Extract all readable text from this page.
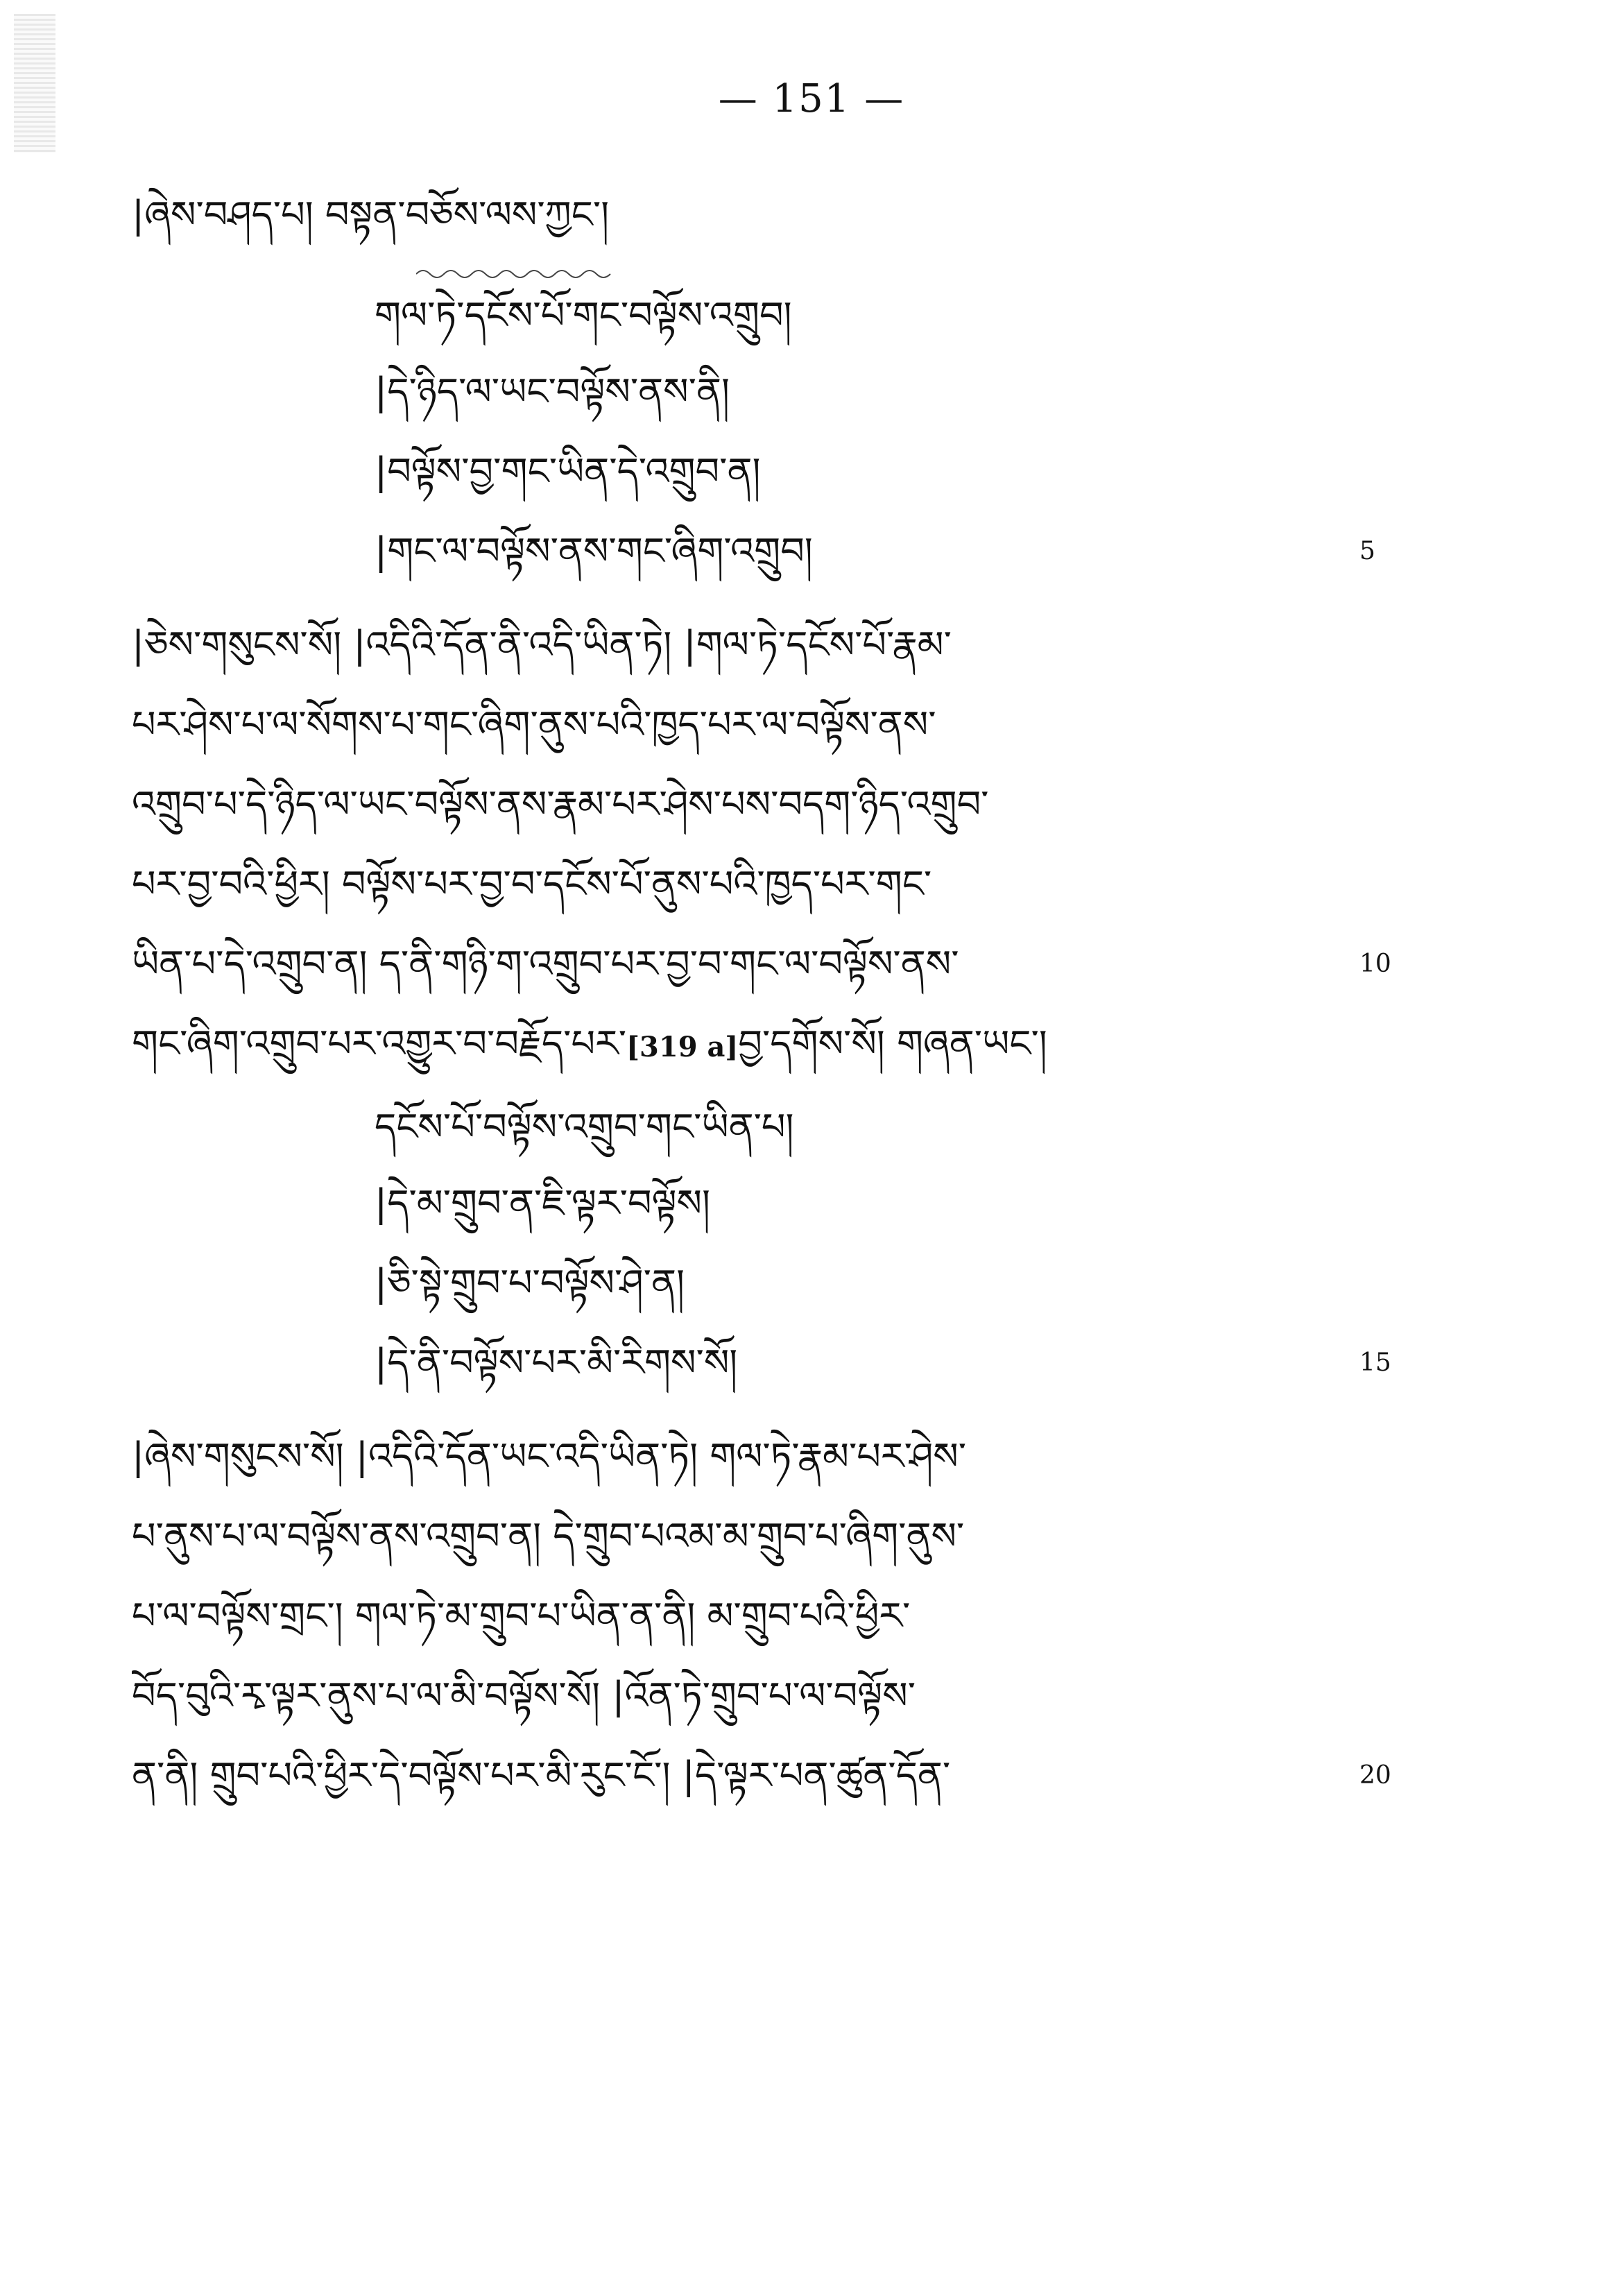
— 151 —
|ཞེས་བཤད་པ། བསྟན་བཅོས་ལས་ཀྱང་།
གལ་ཏེ་དངོས་པོ་གང་བལྟོས་འགྲུབ།
|དེ་ཉིད་ལ་ཡང་བལྟོས་ནས་ནི།
|བལྟོས་བྱ་གང་ཡིན་དེ་འགྲུབ་ན།
|གང་ལ་བལྟོས་ནས་གང་ཞིག་འགྲུབ།	5
|ཅེས་གསུངས་སོ། |འདིའི་དོན་ནི་འདི་ཡིན་ཏེ། |གལ་ཏེ་དངོས་པོ་རྣམ་
པར་ཤེས་པ་ལ་སོགས་པ་གང་ཞིག་ནུས་པའི་ཁྱད་པར་ལ་བལྟོས་ནས་
འགྲུབ་པ་དེ་ཉིད་ལ་ཡང་བལྟོས་ནས་རྣམ་པར་ཤེས་པས་བདག་ཉིད་འགྲུབ་
པར་བྱ་བའི་ཕྱིར། བལྟོས་པར་བྱ་བ་དངོས་པོ་ནུས་པའི་ཁྱད་པར་གང་
ཡིན་པ་དེ་འགྲུབ་ན། ད་ནི་གཉི་ག་འགྲུབ་པར་བྱ་བ་གང་ལ་བལྟོས་ནས་	10
གང་ཞིག་འགྲུབ་པར་འགྱུར་བ་བརྗོད་པར་[319 a]བྱ་དགོས་སོ། གཞན་ཡང་།
དངོས་པོ་བལྟོས་འགྲུབ་གང་ཡིན་པ།
|དེ་མ་གྲུབ་ན་ཇི་ལྟར་བལྟོས།
|ཅི་སྟེ་གྲུབ་པ་བལྟོས་ཤེ་ན།
|དེ་ནི་བལྟོས་པར་མི་རིགས་སོ།	15
|ཞེས་གསུངས་སོ། |འདིའི་དོན་ཡང་འདི་ཡིན་ཏེ། གལ་ཏེ་རྣམ་པར་ཤེས་
པ་ནུས་པ་ལ་བལྟོས་ནས་འགྲུབ་ན། དེ་གྲུབ་པའམ་མ་གྲུབ་པ་ཞིག་ནུས་
པ་ལ་བལྟོས་གྲང་། གལ་ཏེ་མ་གྲུབ་པ་ཡིན་ན་ནི། མ་གྲུབ་པའི་ཕྱིར་
བོད་བུའི་རྭ་ལྟར་ནུས་པ་ལ་མི་བལྟོས་སོ། |འོན་ཏེ་གྲུབ་པ་ལ་བལྟོས་
ན་ནི། གྲུབ་པའི་ཕྱིར་དེ་བལྟོས་པར་མི་རུང་ངོ་། |དེ་ལྟར་པན་ཚུན་དོན་	20
